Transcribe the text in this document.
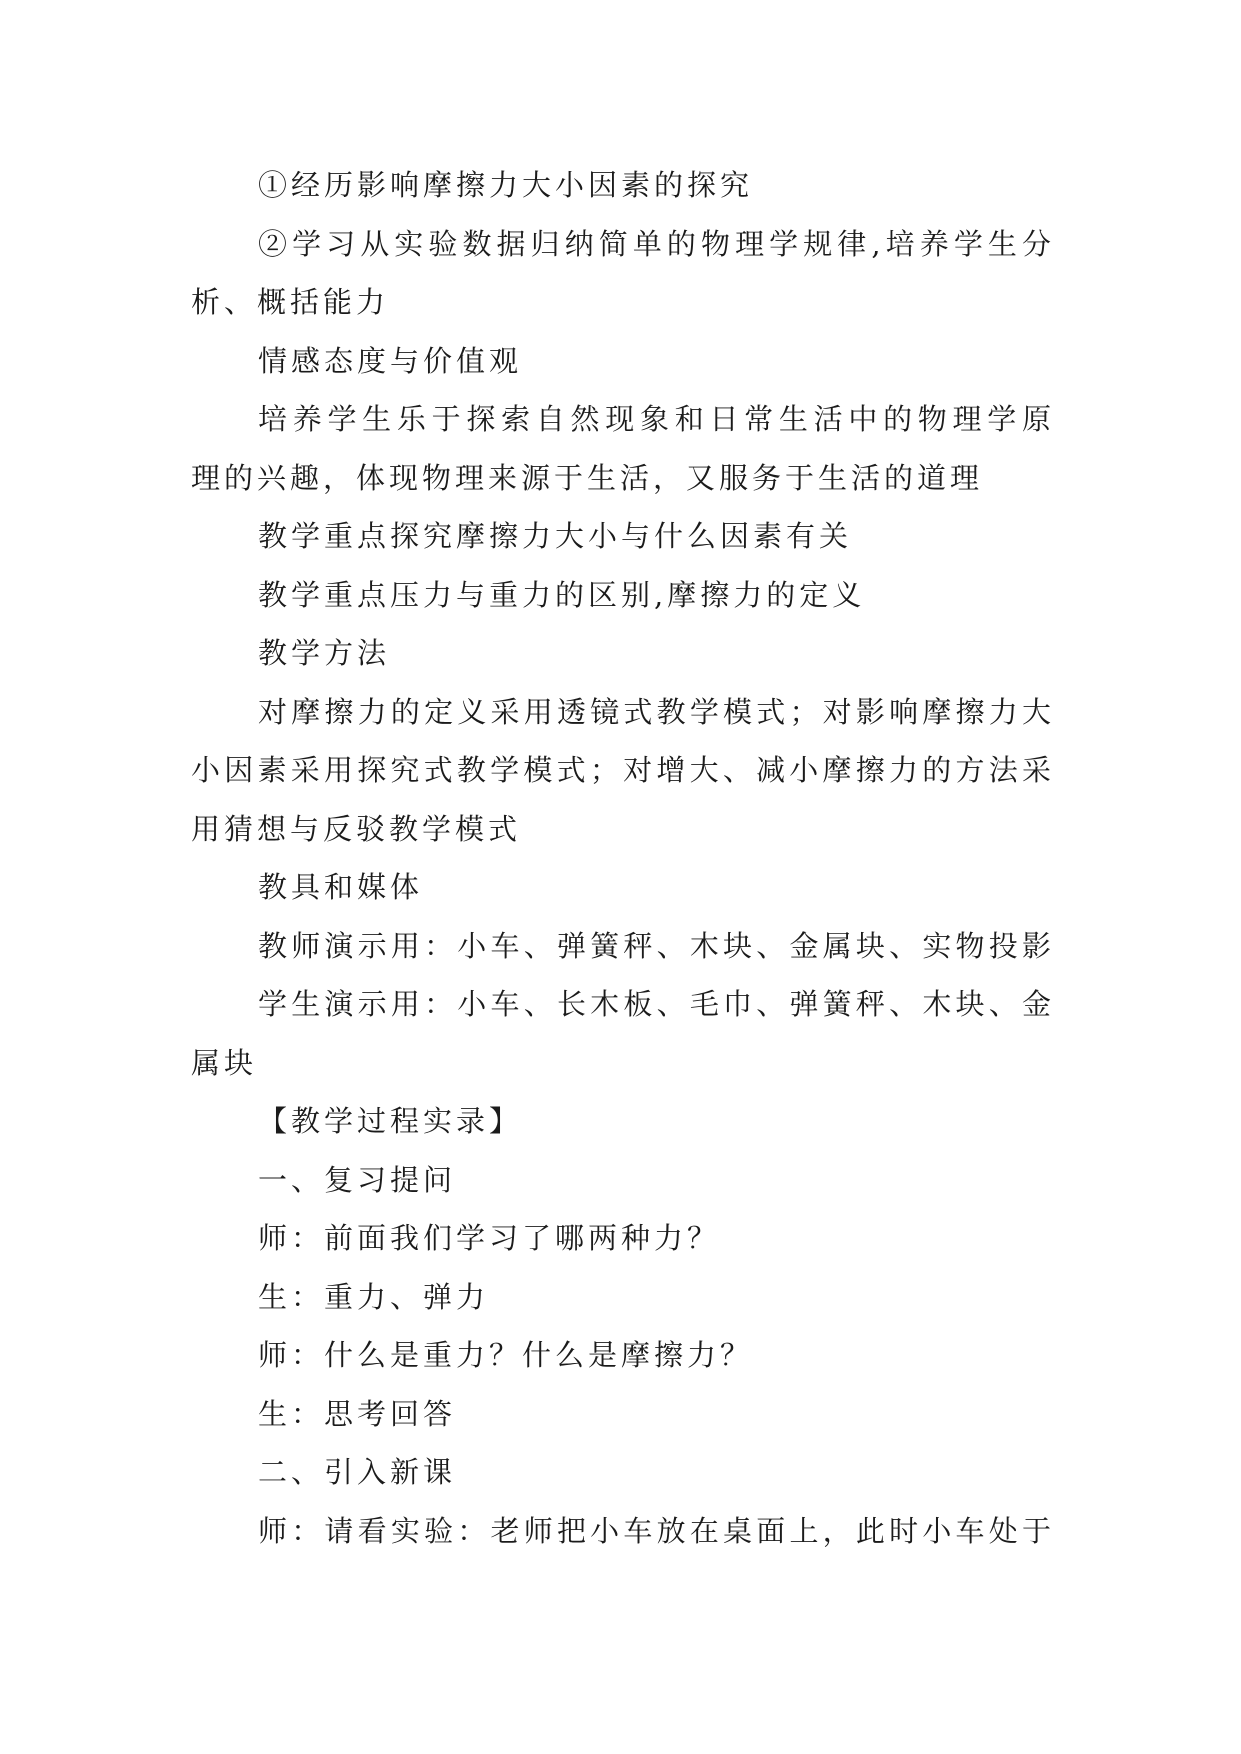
①经历影响摩擦力大小因素的探究
②学习从实验数据归纳简单的物理学规律,培养学生分
析、概括能力
情感态度与价值观
培养学生乐于探索自然现象和日常生活中的物理学原
理的兴趣，体现物理来源于生活，又服务于生活的道理
教学重点探究摩擦力大小与什么因素有关
教学重点压力与重力的区别,摩擦力的定义
教学方法
对摩擦力的定义采用透镜式教学模式；对影响摩擦力大
小因素采用探究式教学模式；对增大、减小摩擦力的方法采
用猜想与反驳教学模式
教具和媒体
教师演示用：小车、弹簧秤、木块、金属块、实物投影
学生演示用：小车、长木板、毛巾、弹簧秤、木块、金
属块
【教学过程实录】
一、复习提问
师：前面我们学习了哪两种力？
生：重力、弹力
师：什么是重力？什么是摩擦力？
生：思考回答
二、引入新课
师：请看实验：老师把小车放在桌面上，此时小车处于
